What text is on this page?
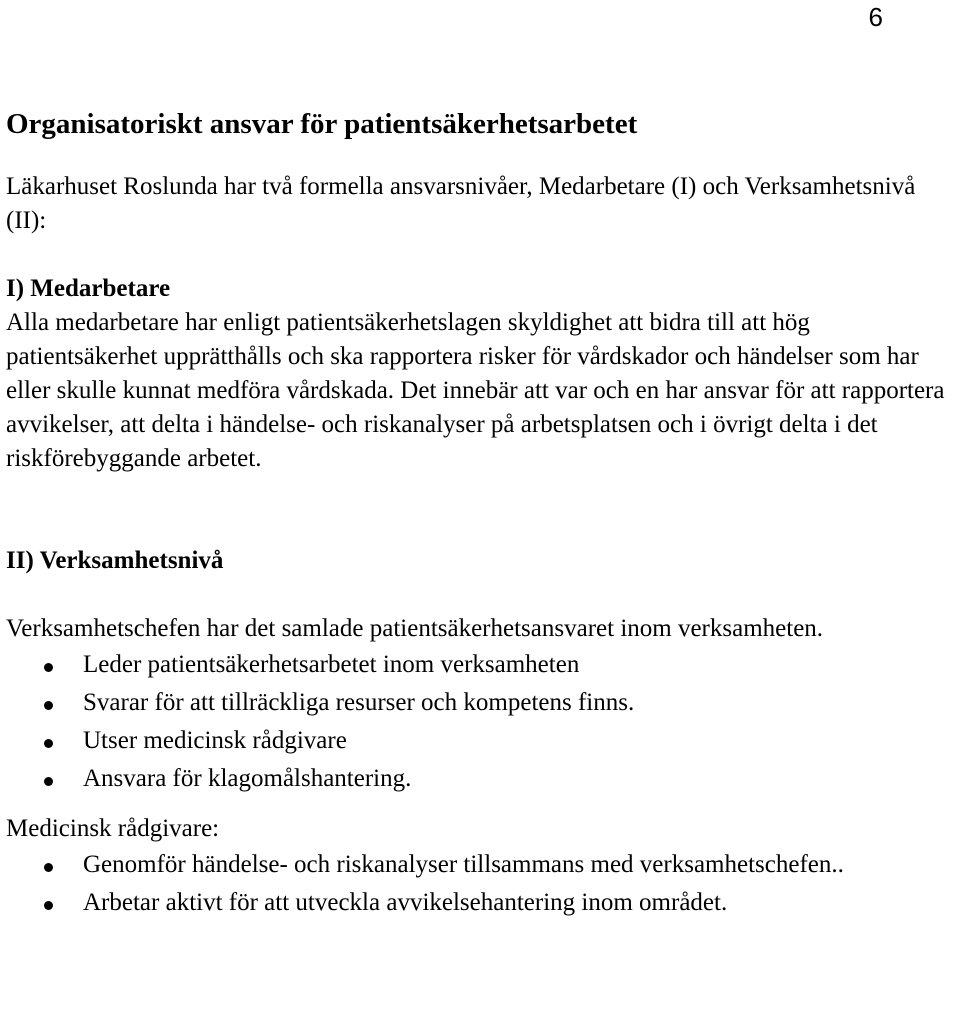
6
Organisatoriskt ansvar för patientsäkerhetsarbetet

Läkarhuset Roslunda har två formella ansvarsnivåer, Medarbetare (I) och Verksamhetsnivå (II):

I) Medarbetare

Alla medarbetare har enligt patientsäkerhetslagen skyldighet att bidra till att hög patientsäkerhet upprätthålls och ska rapportera risker för vårdskador och händelser som har eller skulle kunnat medföra vårdskada. Det innebär att var och en har ansvar för att rapportera avvikelser, att delta i händelse- och riskanalyser på arbetsplatsen och i övrigt delta i det riskförebyggande arbetet.

II) Verksamhetsnivå

Verksamhetschefen har det samlade patientsäkerhetsansvaret inom verksamheten.

Leder patientsäkerhetsarbetet inom verksamheten
Svarar för att tillräckliga resurser och kompetens finns.
Utser medicinsk rådgivare
Ansvara för klagomålshantering.

Medicinsk rådgivare:

Genomför händelse- och riskanalyser tillsammans med verksamhetschefen..
Arbetar aktivt för att utveckla avvikelsehantering inom området.
